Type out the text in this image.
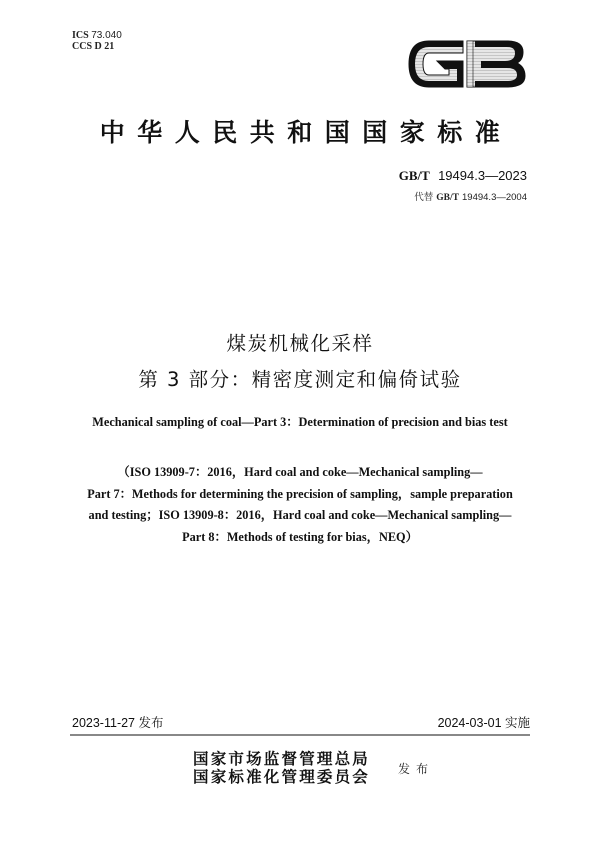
ICS 73.040
CCS D 21
中华人民共和国国家标准
GB/T 19494.3—2023
代替 GB/T 19494.3—2004
煤炭机械化采样
第 3 部分：精密度测定和偏倚试验
Mechanical sampling of coal—Part 3：Determination of precision and bias test
（ISO 13909-7：2016，Hard coal and coke—Mechanical sampling—
Part 7：Methods for determining the precision of sampling，sample preparation
and testing；ISO 13909-8：2016，Hard coal and coke—Mechanical sampling—
Part 8：Methods of testing for bias，NEQ）
2023-11-27 发布	2024-03-01 实施
国家市场监督管理总局
国家标准化管理委员会 发布
